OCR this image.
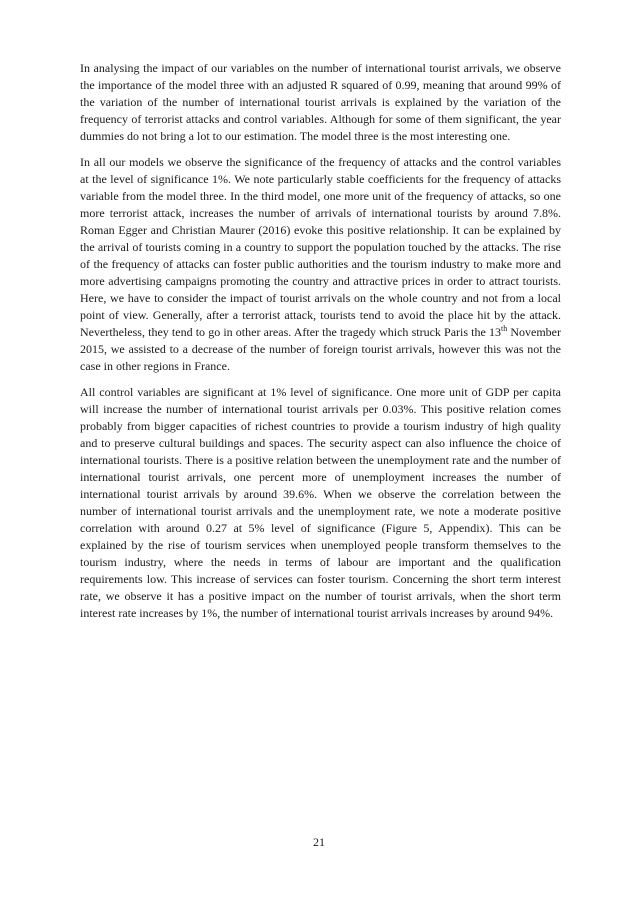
In analysing the impact of our variables on the number of international tourist arrivals, we observe the importance of the model three with an adjusted R squared of 0.99, meaning that around 99% of the variation of the number of international tourist arrivals is explained by the variation of the frequency of terrorist attacks and control variables. Although for some of them significant, the year dummies do not bring a lot to our estimation. The model three is the most interesting one.

In all our models we observe the significance of the frequency of attacks and the control variables at the level of significance 1%. We note particularly stable coefficients for the frequency of attacks variable from the model three. In the third model, one more unit of the frequency of attacks, so one more terrorist attack, increases the number of arrivals of international tourists by around 7.8%. Roman Egger and Christian Maurer (2016) evoke this positive relationship. It can be explained by the arrival of tourists coming in a country to support the population touched by the attacks. The rise of the frequency of attacks can foster public authorities and the tourism industry to make more and more advertising campaigns promoting the country and attractive prices in order to attract tourists. Here, we have to consider the impact of tourist arrivals on the whole country and not from a local point of view. Generally, after a terrorist attack, tourists tend to avoid the place hit by the attack. Nevertheless, they tend to go in other areas. After the tragedy which struck Paris the 13th November 2015, we assisted to a decrease of the number of foreign tourist arrivals, however this was not the case in other regions in France.

All control variables are significant at 1% level of significance. One more unit of GDP per capita will increase the number of international tourist arrivals per 0.03%. This positive relation comes probably from bigger capacities of richest countries to provide a tourism industry of high quality and to preserve cultural buildings and spaces. The security aspect can also influence the choice of international tourists. There is a positive relation between the unemployment rate and the number of international tourist arrivals, one percent more of unemployment increases the number of international tourist arrivals by around 39.6%. When we observe the correlation between the number of international tourist arrivals and the unemployment rate, we note a moderate positive correlation with around 0.27 at 5% level of significance (Figure 5, Appendix). This can be explained by the rise of tourism services when unemployed people transform themselves to the tourism industry, where the needs in terms of labour are important and the qualification requirements low. This increase of services can foster tourism. Concerning the short term interest rate, we observe it has a positive impact on the number of tourist arrivals, when the short term interest rate increases by 1%, the number of international tourist arrivals increases by around 94%.

21
